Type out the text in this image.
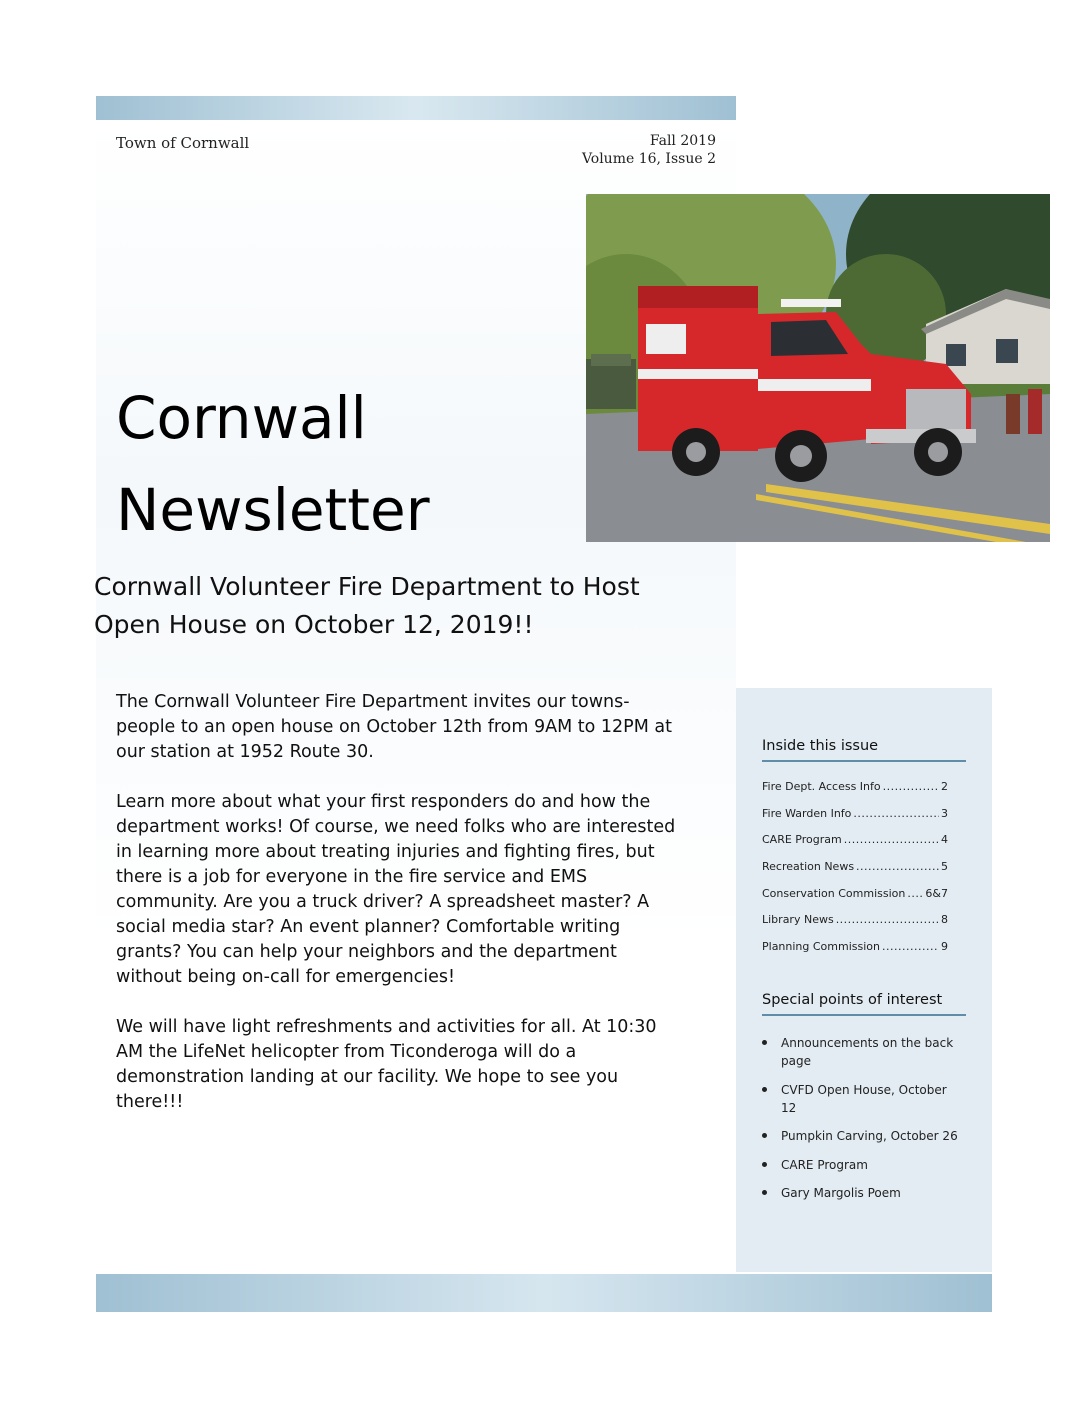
Town of Cornwall	Fall 2019
Volume 16, Issue 2
Cornwall
Newsletter
Cornwall Volunteer Fire Department to Host
Open House on October 12, 2019!!

The Cornwall Volunteer Fire Department invites our towns-people to an open house on October 12th from 9AM to 12PM at our station at 1952 Route 30.

Learn more about what your first responders do and how the department works! Of course, we need folks who are interested in learning more about treating injuries and fighting fires, but there is a job for everyone in the fire service and EMS community. Are you a truck driver? A spreadsheet master? A social media star? An event planner? Comfortable writing grants? You can help your neighbors and the department without being on-call for emergencies!

We will have light refreshments and activities for all. At 10:30 AM the LifeNet helicopter from Ticonderoga will do a demonstration landing at our facility. We hope to see you there!!!

Inside this issue
Fire Dept. Access Info .....	2
Fire Warden Info .....	3
CARE Program .....	4
Recreation News .....	5
Conservation Commission ..... 6&7
Library News .....	8
Planning Commission .....	9
Special points of interest
Announcements on the back page
CVFD Open House, October 12
Pumpkin Carving, October 26
CARE Program
Gary Margolis Poem
